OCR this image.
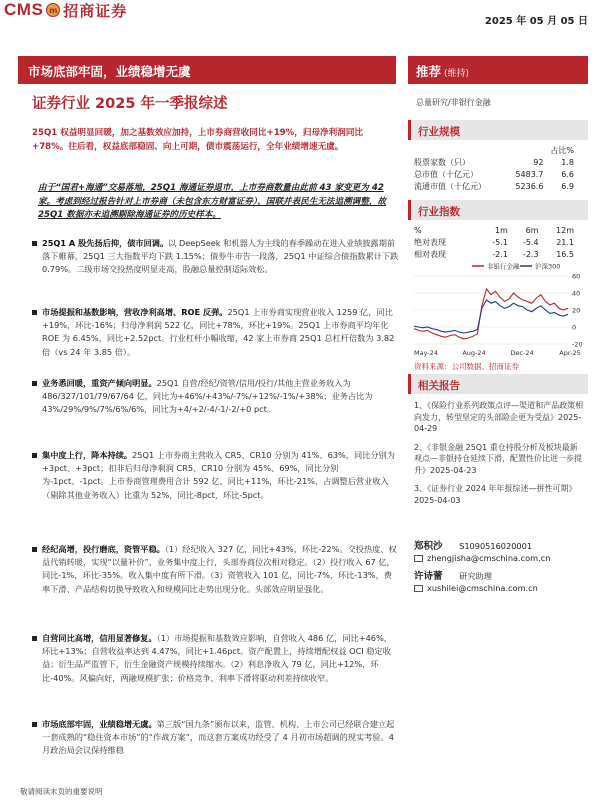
CMS m 招商证券
2025 年 05 月 05 日
市场底部牢固，业绩稳增无虞	推荐 (维持)
证券行业 2025 年一季报综述	总量研究/非银行金融
25Q1 权益明显回暖，加之基数效应加持，上市券商营收同比+19%，归母净利润同比+78%。往后看，权益底部稳固、向上可期，债市震荡运行，全年业绩增速无虞。
由于“国君+海通”交易落地，25Q1 海通证券退市，上市券商数量由此前 43 家变更为 42 家。考虑到经过报告针对上市券商（未包含东方财富证券）、国联并表民生无法追溯调整，故 25Q1 数据亦未追溯剔除海通证券的历史样本。
25Q1 A 股先扬后抑，债市回调。以 DeepSeek 和机器人为主线的春季躁动在进入业绩披露期前落下帷幕，25Q1 三大指数平均下跌 1.15%；债券牛市告一段落，25Q1 中证综合债指数累计下跌 0.79%。二级市场交投热度明显走高，股融总量控制适际效松。
市场提振和基数影响，营收净利高增、ROE 反弹。25Q1 上市券商实现营业收入 1259 亿，同比+19%，环比-16%；归母净利润 522 亿，同比+78%，环比+19%。25Q1 上市券商平均年化 ROE 为 6.45%，同比+2.52pct。行业杠杆小幅收缩，42 家上市券商 25Q1 总杠杆倍数为 3.82 倍（vs 24 年 3.85 倍）。
业务悉回暖，重资产倾向明显。25Q1 自营/经纪/资管/信用/投行/其他主营业务收入为 486/327/101/79/67/64 亿，同比为+46%/+43%/-7%/+12%/-1%/+38%；业务占比为 43%/29%/9%/7%/6%/6%，同比为+4/+2/-4/-1/-2/+0 pct。
集中度上行，降本持续。25Q1 上市券商主营收入 CR5、CR10 分别为 41%、63%，同比分别为+3pct、+3pct；扣非后归母净利润 CR5、CR10 分别为 45%、69%，同比分别为-1pct、-1pct。上市券商管理费用合计 592 亿，同比+11%，环比-21%，占调整后营业收入（剔除其他业务收入）比重为 52%，同比-8pct，环比-5pct。
经纪高增，投行磨底，资管平稳。（1）经纪收入 327 亿，同比+43%，环比-22%。交投热度、权益代销转暖，实现“以量补价”，业务集中度上行，头部券商位次相对稳定。（2）投行收入 67 亿，同比-1%，环比-35%。收入集中度有所下滑。（3）资管收入 101 亿，同比-7%，环比-13%，费率下滑、产品结构切换导致收入和规模同比走势出现分化。头部效应明显强化。
自营同比高增，信用显著修复。（1）市场提振和基数效应影响，自营收入 486 亿，同比+46%，环比+13%；自营收益率达到 4.47%，同比+1.46pct。资产配置上，持续增配权益 OCI 稳定收益；衍生品严监管下，衍生金融资产规模持续缩水。（2）利息净收入 79 亿，同比+12%，环比-40%。风偏向好，两融规模扩张；价格竞争、利率下滑将驱动利差持续收窄。
市场底部牢固，业绩稳增无虞。第三版“国九条”颁布以来，监管、机构、上市公司已经联合建立起一套成熟的“稳住资本市场”的“作战方案”，而这套方案成功经受了 4 月初市场超调的现实考验。4 月政治局会议保持维稳
行业规模
		占比%
股票家数（只）	92	1.8
总市值（十亿元）	5483.7	6.6
流通市值（十亿元）	5236.6	6.9
行业指数
%	1m	6m	12m
绝对表现	-5.1	-5.4	21.1
相对表现	-2.1	-2.3	16.5
-20
0
20
40
60
May-24	Aug-24	Dec-24	Apr-25
非银行金融 沪深300
资料来源：公司数据、招商证券
相关报告
1、《保险行业系列政策点评—渠道和产品政策相向发力，转型坚定的头部险企更为受益》2025-04-29
2、《非银金融 25Q1 重仓持股分析及板块最新观点—非银持仓延续下滑，配置性价比进一步提升》2025-04-23
3、《证券行业 2024 年年报综述—拼性可期》2025-04-03
郑积沙 S1090516020001
zhengjisha@cmschina.com.cn
许诗蕾 研究助理
xushilei@cmschina.com.cn
敬请阅读末页的重要说明
